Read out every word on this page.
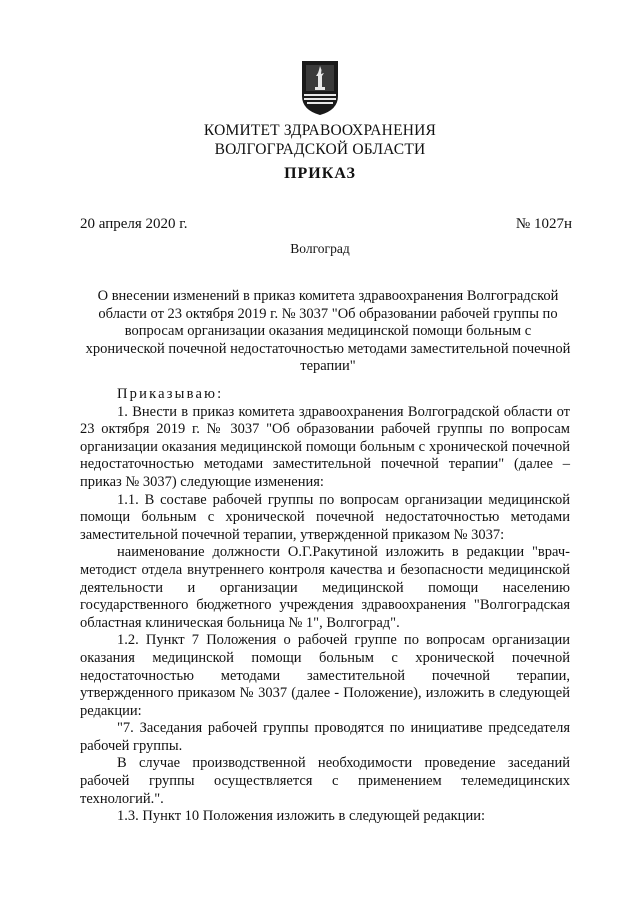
КОМИТЕТ ЗДРАВООХРАНЕНИЯ
ВОЛГОГРАДСКОЙ ОБЛАСТИ
ПРИКАЗ
20 апреля 2020 г.	№ 1027н
Волгоград
О внесении изменений в приказ комитета здравоохранения Волгоградской области от 23 октября 2019 г. № 3037 "Об образовании рабочей группы по вопросам организации оказания медицинской помощи больным с хронической почечной недостаточностью методами заместительной почечной терапии"

Приказываю:

1. Внести в приказ комитета здравоохранения Волгоградской области от 23 октября 2019 г. № 3037 "Об образовании рабочей группы по вопросам организации оказания медицинской помощи больным с хронической почечной недостаточностью методами заместительной почечной терапии" (далее – приказ № 3037) следующие изменения:

1.1. В составе рабочей группы по вопросам организации медицинской помощи больным с хронической почечной недостаточностью методами заместительной почечной терапии, утвержденной приказом № 3037:

наименование должности О.Г.Ракутиной изложить в редакции "врач-методист отдела внутреннего контроля качества и безопасности медицинской деятельности и организации медицинской помощи населению государственного бюджетного учреждения здравоохранения "Волгоградская областная клиническая больница № 1", Волгоград".

1.2. Пункт 7 Положения о рабочей группе по вопросам организации оказания медицинской помощи больным с хронической почечной недостаточностью методами заместительной почечной терапии, утвержденного приказом № 3037 (далее - Положение), изложить в следующей редакции:

"7. Заседания рабочей группы проводятся по инициативе председателя рабочей группы.

В случае производственной необходимости проведение заседаний рабочей группы осуществляется с применением телемедицинских технологий.".

1.3. Пункт 10 Положения изложить в следующей редакции:
